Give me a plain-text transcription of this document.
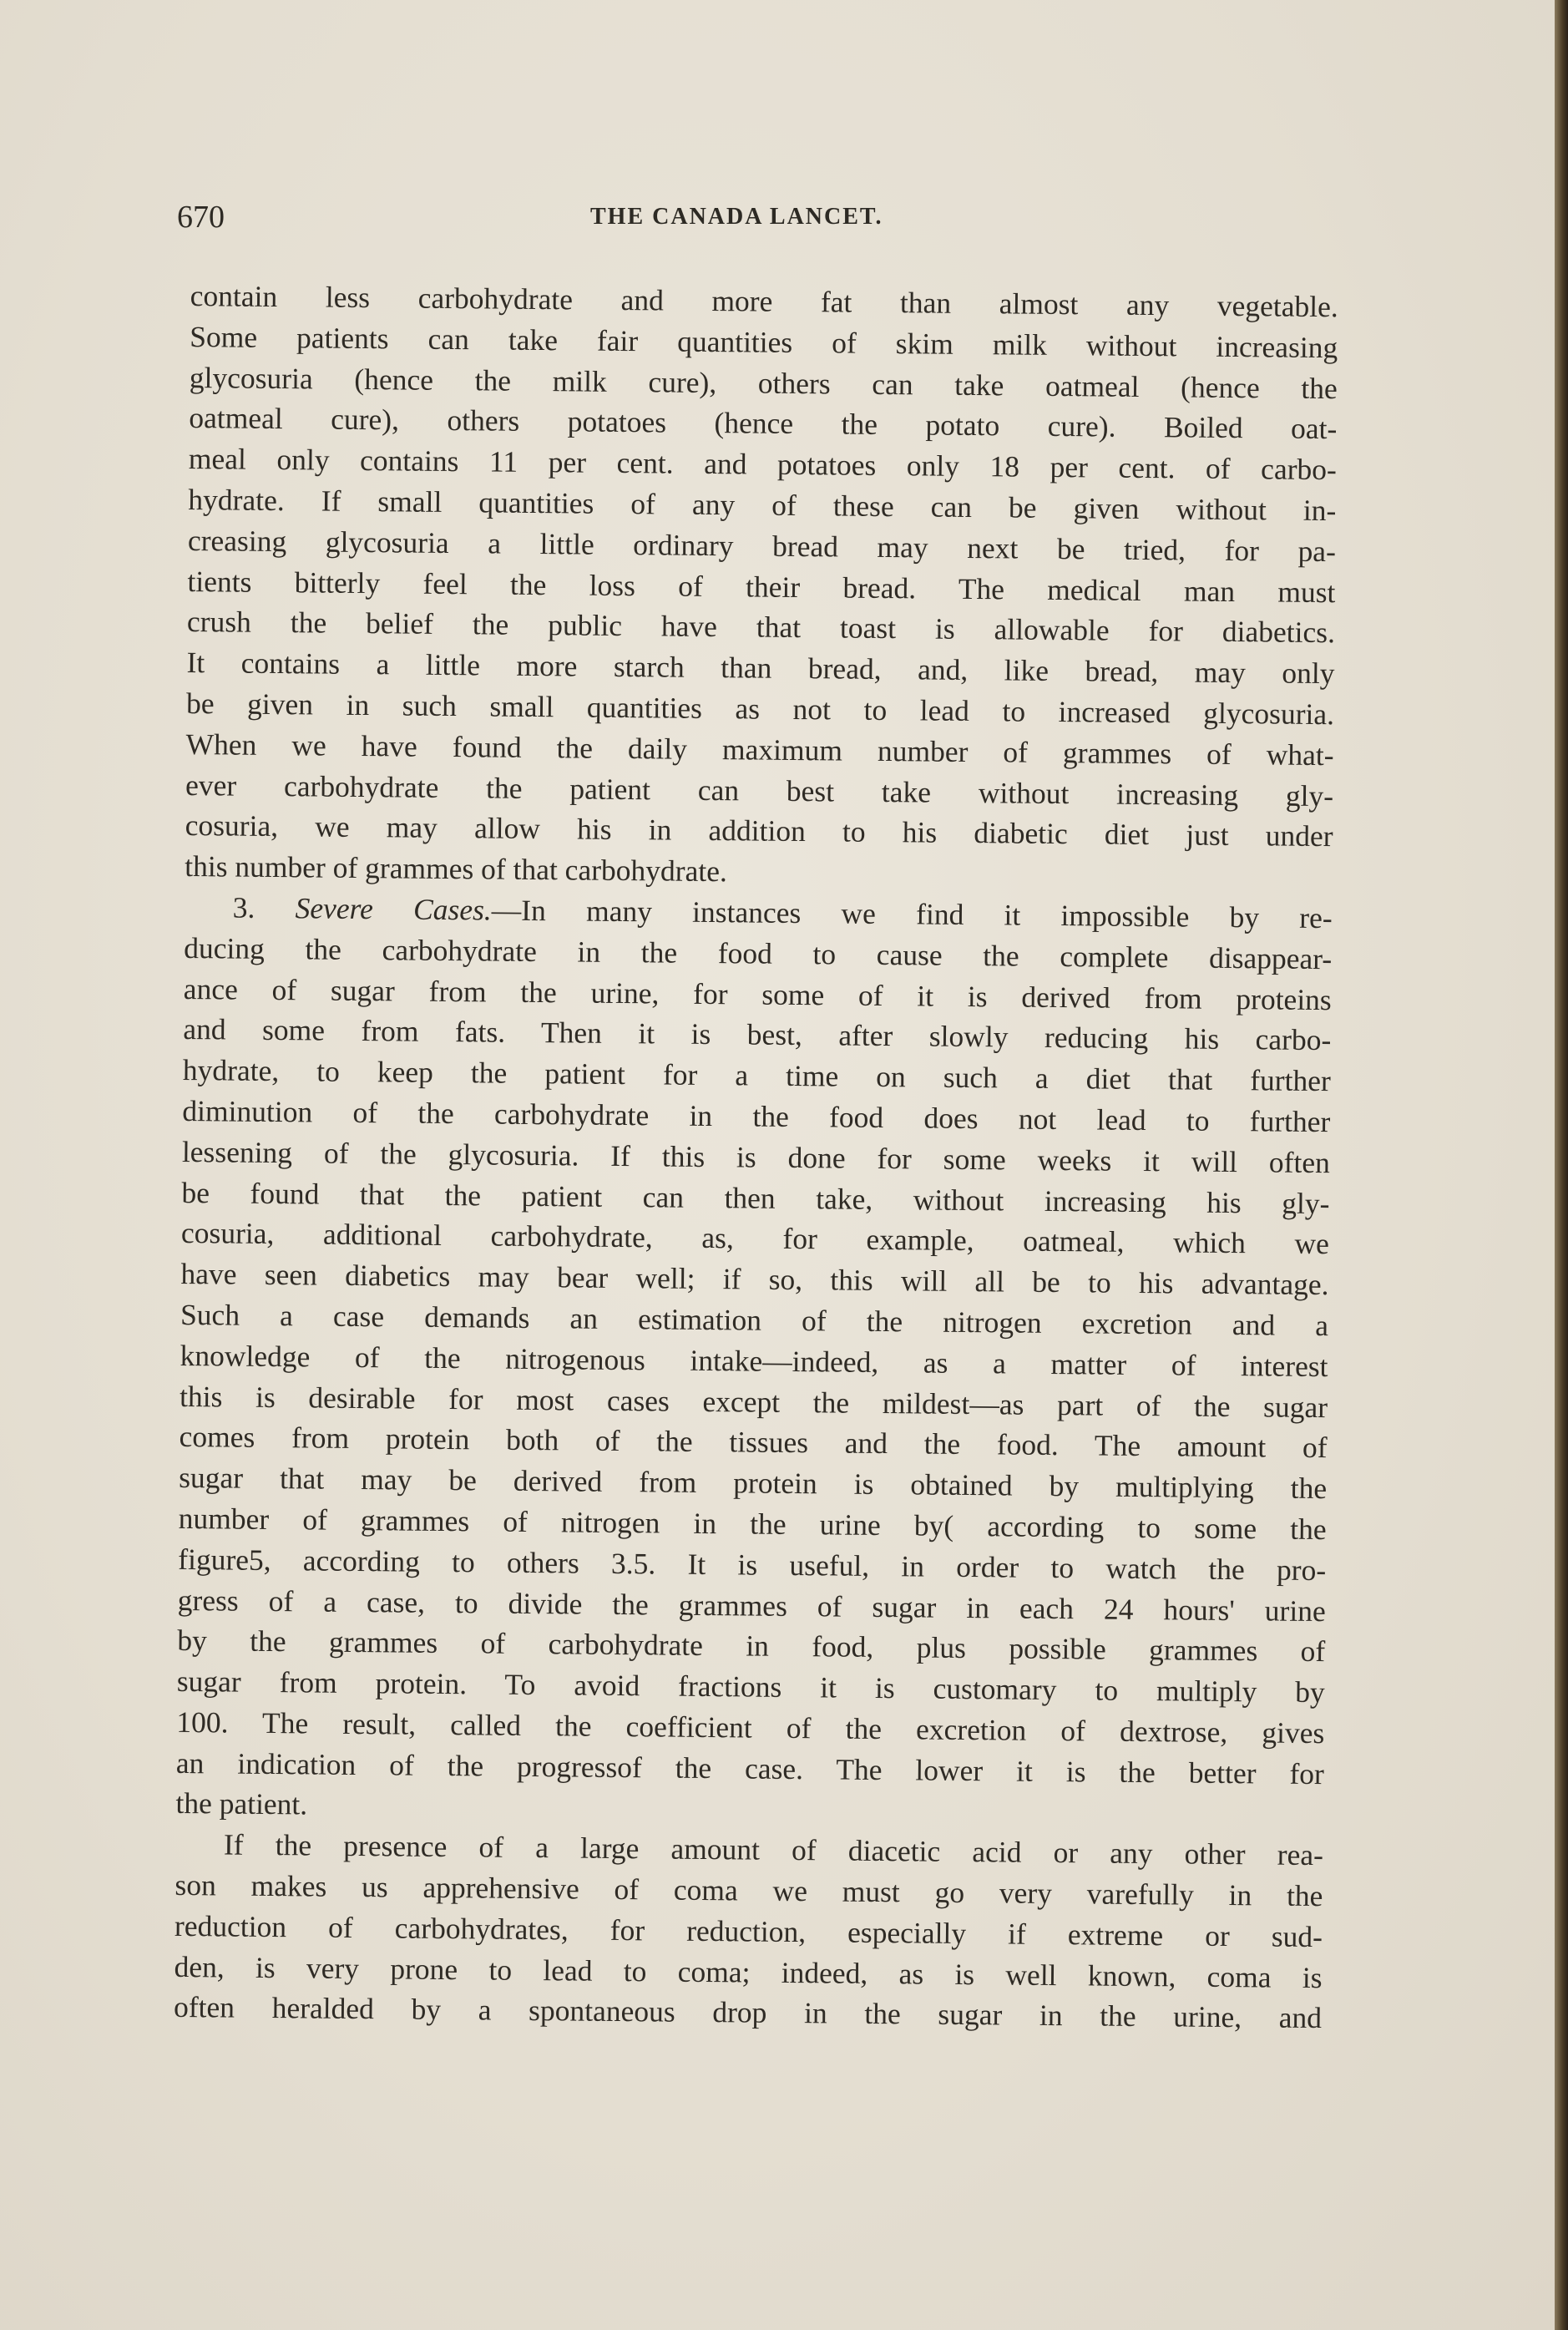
670	THE CANADA LANCET.
contain less carbohydrate and more fat than almost any vegetable.
Some patients can take fair quantities of skim milk without increasing
glycosuria (hence the milk cure), others can take oatmeal (hence the
oatmeal cure), others potatoes (hence the potato cure). Boiled oat-
meal only contains 11 per cent. and potatoes only 18 per cent. of carbo-
hydrate. If small quantities of any of these can be given without in-
creasing glycosuria a little ordinary bread may next be tried, for pa-
tients bitterly feel the loss of their bread. The medical man must
crush the belief the public have that toast is allowable for diabetics.
It contains a little more starch than bread, and, like bread, may only
be given in such small quantities as not to lead to increased glycosuria.
When we have found the daily maximum number of grammes of what-
ever carbohydrate the patient can best take without increasing gly-
cosuria, we may allow his in addition to his diabetic diet just under
this number of grammes of that carbohydrate.
3. Severe Cases.—In many instances we find it impossible by re-
ducing the carbohydrate in the food to cause the complete disappear-
ance of sugar from the urine, for some of it is derived from proteins
and some from fats. Then it is best, after slowly reducing his carbo-
hydrate, to keep the patient for a time on such a diet that further
diminution of the carbohydrate in the food does not lead to further
lessening of the glycosuria. If this is done for some weeks it will often
be found that the patient can then take, without increasing his gly-
cosuria, additional carbohydrate, as, for example, oatmeal, which we
have seen diabetics may bear well; if so, this will all be to his advantage.
Such a case demands an estimation of the nitrogen excretion and a
knowledge of the nitrogenous intake—indeed, as a matter of interest
this is desirable for most cases except the mildest—as part of the sugar
comes from protein both of the tissues and the food. The amount of
sugar that may be derived from protein is obtained by multiplying the
number of grammes of nitrogen in the urine by( according to some the
figure5, according to others 3.5. It is useful, in order to watch the pro-
gress of a case, to divide the grammes of sugar in each 24 hours' urine
by the grammes of carbohydrate in food, plus possible grammes of
sugar from protein. To avoid fractions it is customary to multiply by
100. The result, called the coefficient of the excretion of dextrose, gives
an indication of the progressof the case. The lower it is the better for
the patient.
If the presence of a large amount of diacetic acid or any other rea-
son makes us apprehensive of coma we must go very varefully in the
reduction of carbohydrates, for reduction, especially if extreme or sud-
den, is very prone to lead to coma; indeed, as is well known, coma is
often heralded by a spontaneous drop in the sugar in the urine, and
